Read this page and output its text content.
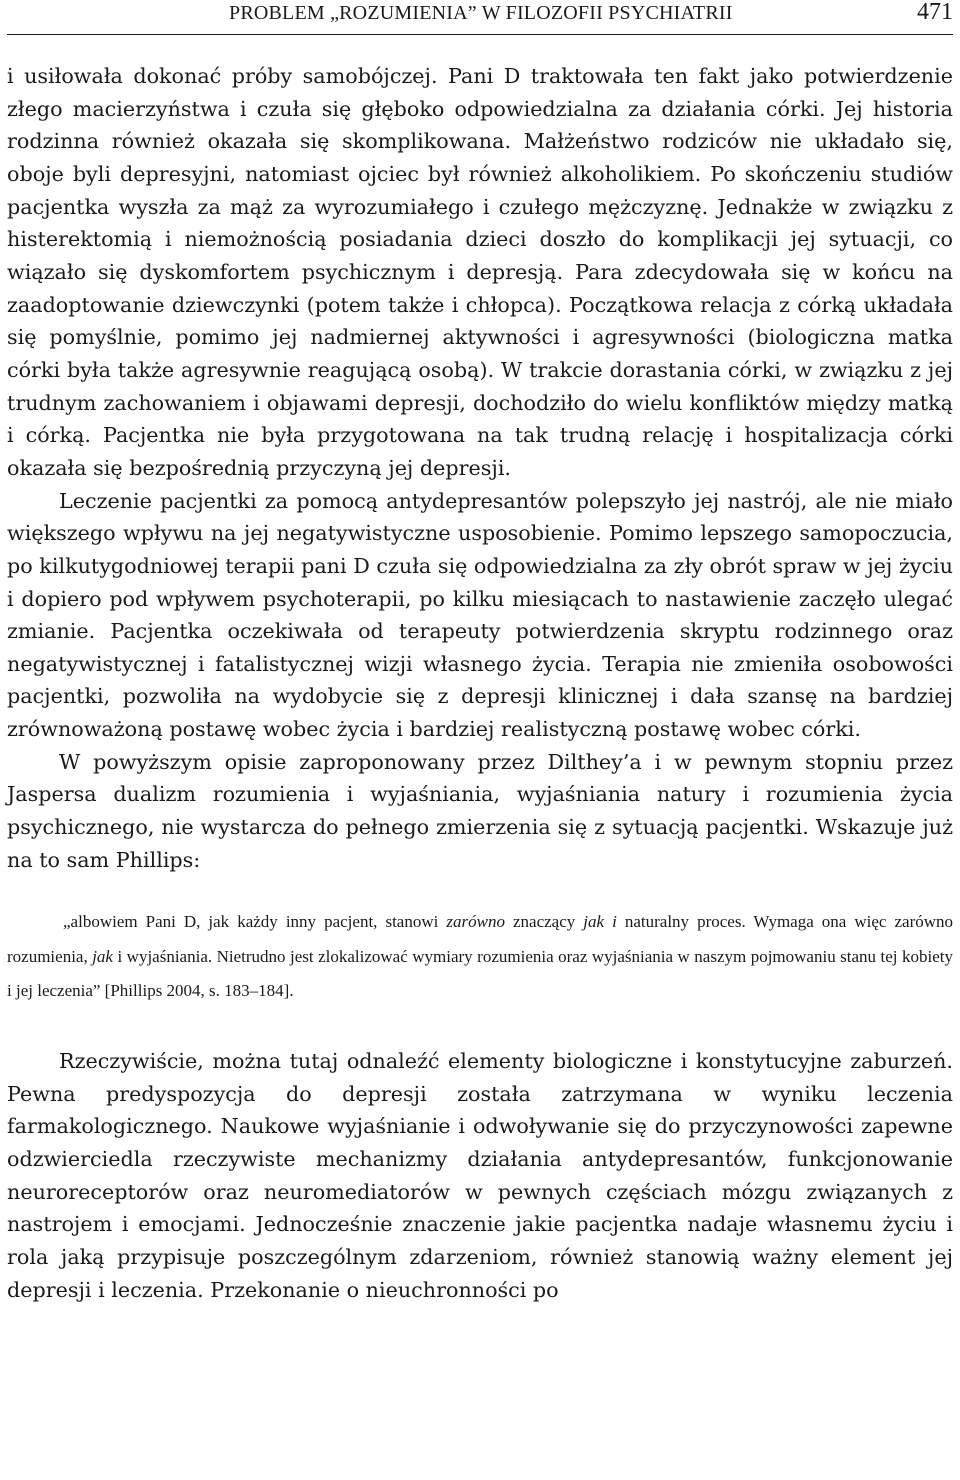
PROBLEM „ROZUMIENIA” W FILOZOFII PSYCHIATRII	471

i usiłowała dokonać próby samobójczej. Pani D traktowała ten fakt jako potwierdzenie złego macierzyństwa i czuła się głęboko odpowiedzialna za działania córki. Jej historia rodzinna również okazała się skomplikowana. Małżeństwo rodziców nie układało się, oboje byli depresyjni, natomiast ojciec był również alkoholikiem. Po skończeniu studiów pacjentka wyszła za mąż za wyrozumiałego i czułego mężczyznę. Jednakże w związku z histerektomią i niemożnością posiadania dzieci doszło do komplikacji jej sytuacji, co wiązało się dyskomfortem psychicznym i depresją. Para zdecydowała się w końcu na zaadoptowanie dziewczynki (potem także i chłopca). Początkowa relacja z córką układała się pomyślnie, pomimo jej nadmiernej aktywności i agresywności (biologiczna matka córki była także agresywnie reagującą osobą). W trakcie dorastania córki, w związku z jej trudnym zachowaniem i objawami depresji, dochodziło do wielu konfliktów między matką i córką. Pacjentka nie była przygotowana na tak trudną relację i hospitalizacja córki okazała się bezpośrednią przyczyną jej depresji.

Leczenie pacjentki za pomocą antydepresantów polepszyło jej nastrój, ale nie miało większego wpływu na jej negatywistyczne usposobienie. Pomimo lepszego samopoczucia, po kilkutygodniowej terapii pani D czuła się odpowiedzialna za zły obrót spraw w jej życiu i dopiero pod wpływem psychoterapii, po kilku miesiącach to nastawienie zaczęło ulegać zmianie. Pacjentka oczekiwała od terapeuty potwierdzenia skryptu rodzinnego oraz negatywistycznej i fatalistycznej wizji własnego życia. Terapia nie zmieniła osobowości pacjentki, pozwoliła na wydobycie się z depresji klinicznej i dała szansę na bardziej zrównoważoną postawę wobec życia i bardziej realistyczną postawę wobec córki.

W powyższym opisie zaproponowany przez Dilthey’a i w pewnym stopniu przez Jaspersa dualizm rozumienia i wyjaśniania, wyjaśniania natury i rozumienia życia psychicznego, nie wystarcza do pełnego zmierzenia się z sytuacją pacjentki. Wskazuje już na to sam Phillips:

„albowiem Pani D, jak każdy inny pacjent, stanowi zarówno znaczący jak i naturalny proces. Wymaga ona więc zarówno rozumienia, jak i wyjaśniania. Nietrudno jest zlokalizować wymiary rozumienia oraz wyjaśniania w naszym pojmowaniu stanu tej kobiety i jej leczenia” [Phillips 2004, s. 183–184].

Rzeczywiście, można tutaj odnaleźć elementy biologiczne i konstytucyjne zaburzeń. Pewna predyspozycja do depresji została zatrzymana w wyniku leczenia farmakologicznego. Naukowe wyjaśnianie i odwoływanie się do przyczynowości zapewne odzwierciedla rzeczywiste mechanizmy działania antydepresantów, funkcjonowanie neuroreceptorów oraz neuromediatorów w pewnych częściach mózgu związanych z nastrojem i emocjami. Jednocześnie znaczenie jakie pacjentka nadaje własnemu życiu i rola jaką przypisuje poszczególnym zdarzeniom, również stanowią ważny element jej depresji i leczenia. Przekonanie o nieuchronności po
